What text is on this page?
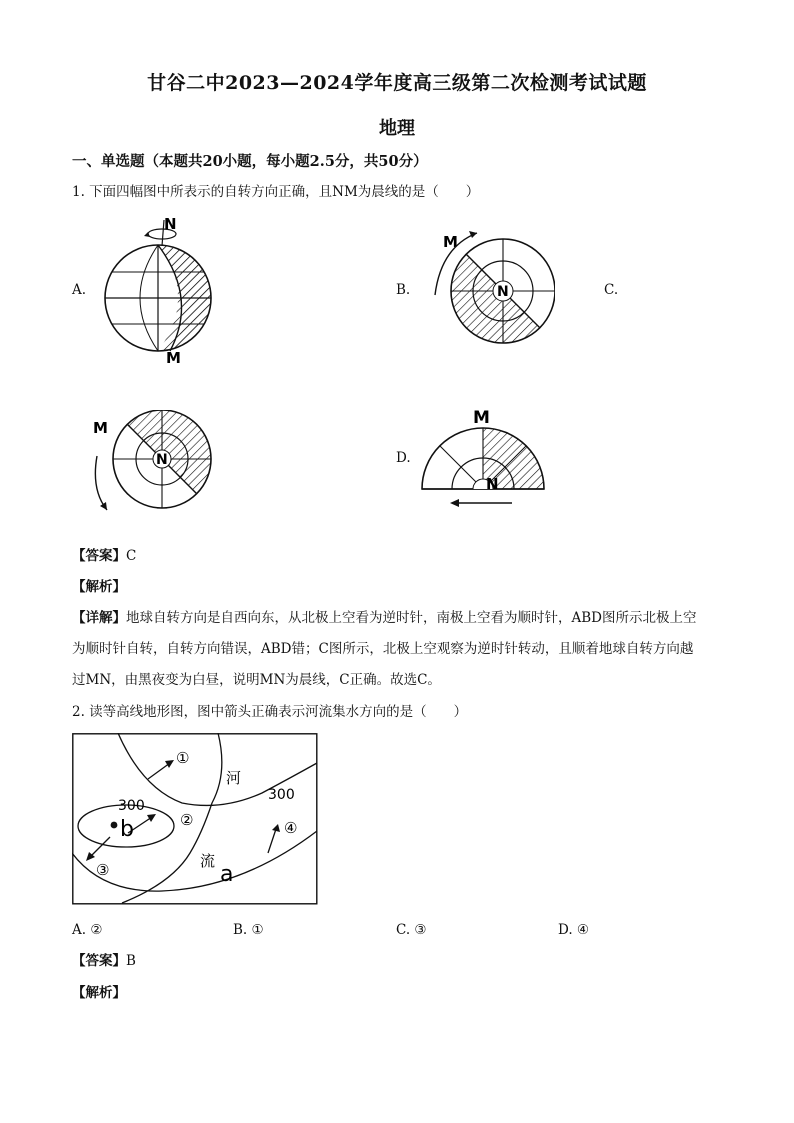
甘谷二中2023—2024学年度高三级第二次检测考试试题
地理
一、单选题（本题共20小题，每小题2.5分，共50分）
1. 下面四幅图中所表示的自转方向正确，且NM为晨线的是（　　）
A.
N
M
B.	N
M
C.
N
M
D.
M
N
【答案】C
【解析】
【详解】地球自转方向是自西向东，从北极上空看为逆时针，南极上空看为顺时针，ABD图所示北极上空
为顺时针自转，自转方向错误，ABD错；C图所示，北极上空观察为逆时针转动，且顺着地球自转方向越
过MN，由黑夜变为白昼，说明MN为晨线，C正确。故选C。
2. 读等高线地形图，图中箭头正确表示河流集水方向的是（　　）
b
300
300
河
流
a
①
②
③
④
A. ②	B. ①	C. ③	D. ④
【答案】B
【解析】
